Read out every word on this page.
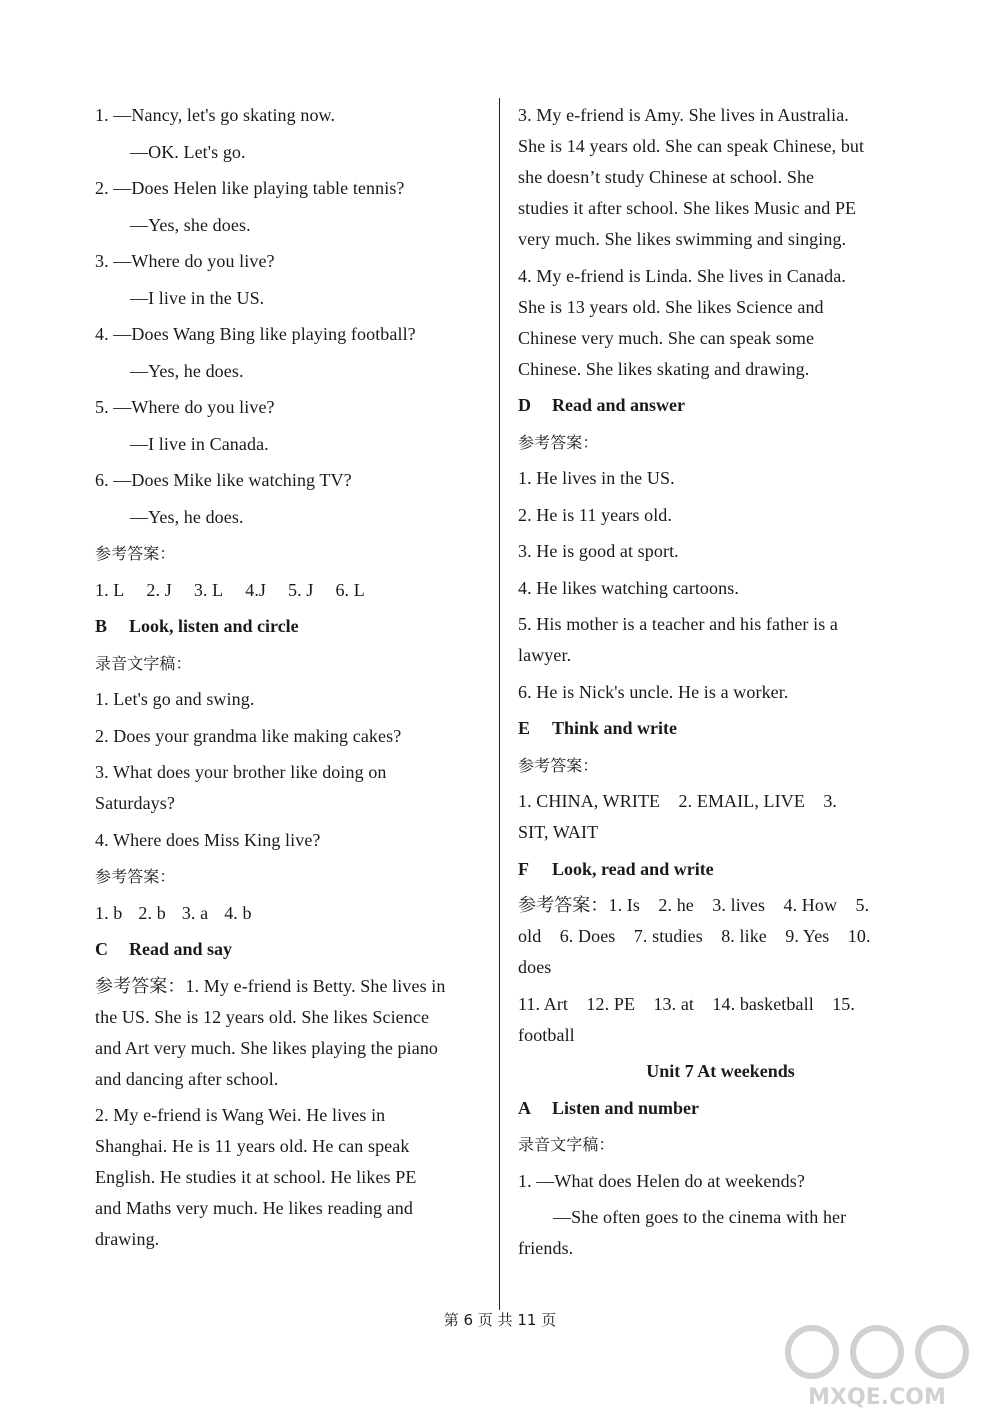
1. —Nancy, let's go skating now.

—OK. Let's go.

2. —Does Helen like playing table tennis?

—Yes, she does.

3. —Where do you live?

—I live in the US.

4. —Does Wang Bing like playing football?

—Yes, he does.

5. —Where do you live?

—I live in Canada.

6. —Does Mike like watching TV?

—Yes, he does.

参考答案：

1. L 2. J 3. L 4.J 5. J 6. L

B Look, listen and circle

录音文字稿：

1. Let's go and swing.

2. Does your grandma like making cakes?

3. What does your brother like doing on

Saturdays?

4. Where does Miss King live?

参考答案：

1. b 2. b 3. a 4. b

C Read and say

参考答案：1. My e-friend is Betty. She lives in

the US. She is 12 years old. She likes Science

and Art very much. She likes playing the piano

and dancing after school.

2. My e-friend is Wang Wei. He lives in

Shanghai. He is 11 years old. He can speak

English. He studies it at school. He likes PE

and Maths very much. He likes reading and

drawing.

3. My e-friend is Amy. She lives in Australia.

She is 14 years old. She can speak Chinese, but

she doesn’t study Chinese at school. She

studies it after school. She likes Music and PE

very much. She likes swimming and singing.

4. My e-friend is Linda. She lives in Canada.

She is 13 years old. She likes Science and

Chinese very much. She can speak some

Chinese. She likes skating and drawing.

D Read and answer

参考答案：

1. He lives in the US.

2. He is 11 years old.

3. He is good at sport.

4. He likes watching cartoons.

5. His mother is a teacher and his father is a

lawyer.

6. He is Nick's uncle. He is a worker.

E Think and write

参考答案：

1. CHINA, WRITE    2. EMAIL, LIVE    3.

SIT, WAIT

F Look, read and write

参考答案：1. Is    2. he    3. lives    4. How    5.

old    6. Does    7. studies    8. like    9. Yes    10.

does

11. Art    12. PE    13. at    14. basketball    15.

football

Unit 7 At weekends

A Listen and number

录音文字稿：

1. —What does Helen do at weekends?

—She often goes to the cinema with her

friends.

第 6 页 共 11 页
MXQE.COM
